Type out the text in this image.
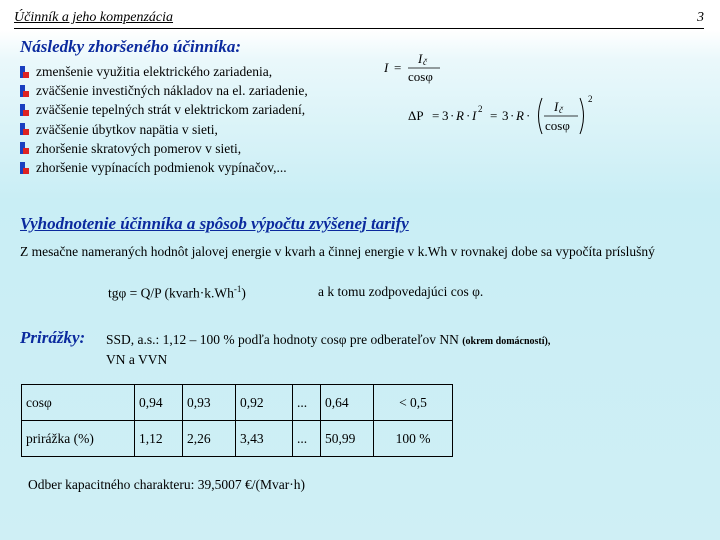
Účinník a jeho kompenzácia	3
Následky zhoršeného účinníka:
zmenšenie využitia elektrického zariadenia,
zväčšenie investičných nákladov na el. zariadenie,
zväčšenie tepelných strát v elektrickom zariadení,
zväčšenie úbytkov napätia v sieti,
zhoršenie skratových pomerov v sieti,
zhoršenie vypínacích podmienok vypínačov,...
I =
I č
cosφ
ΔP = 3 · R · I 2 = 3 · R ·
I č
cosφ
2
Vyhodnotenie účinníka a spôsob výpočtu zvýšenej tarify
Z mesačne nameraných hodnôt jalovej energie v kvarh a činnej energie v k.Wh v rovnakej dobe sa vypočíta príslušný
tgφ = Q/P $(kvarh\cdot k.Wh^{-1})$	a k tomu zodpovedajúci cos φ.
Prirážky: SSD, a.s.: 1,12 – 100 % podľa hodnoty cosφ pre odberateľov NN (okrem domácností),
VN a VVN
cosφ	0,94	0,93	0,92	...	0,64	< 0,5
prirážka (%)	1,12	2,26	3,43	...	50,99	100 %
Odber kapacitného charakteru: 39,5007 €/(Mvar·h)
